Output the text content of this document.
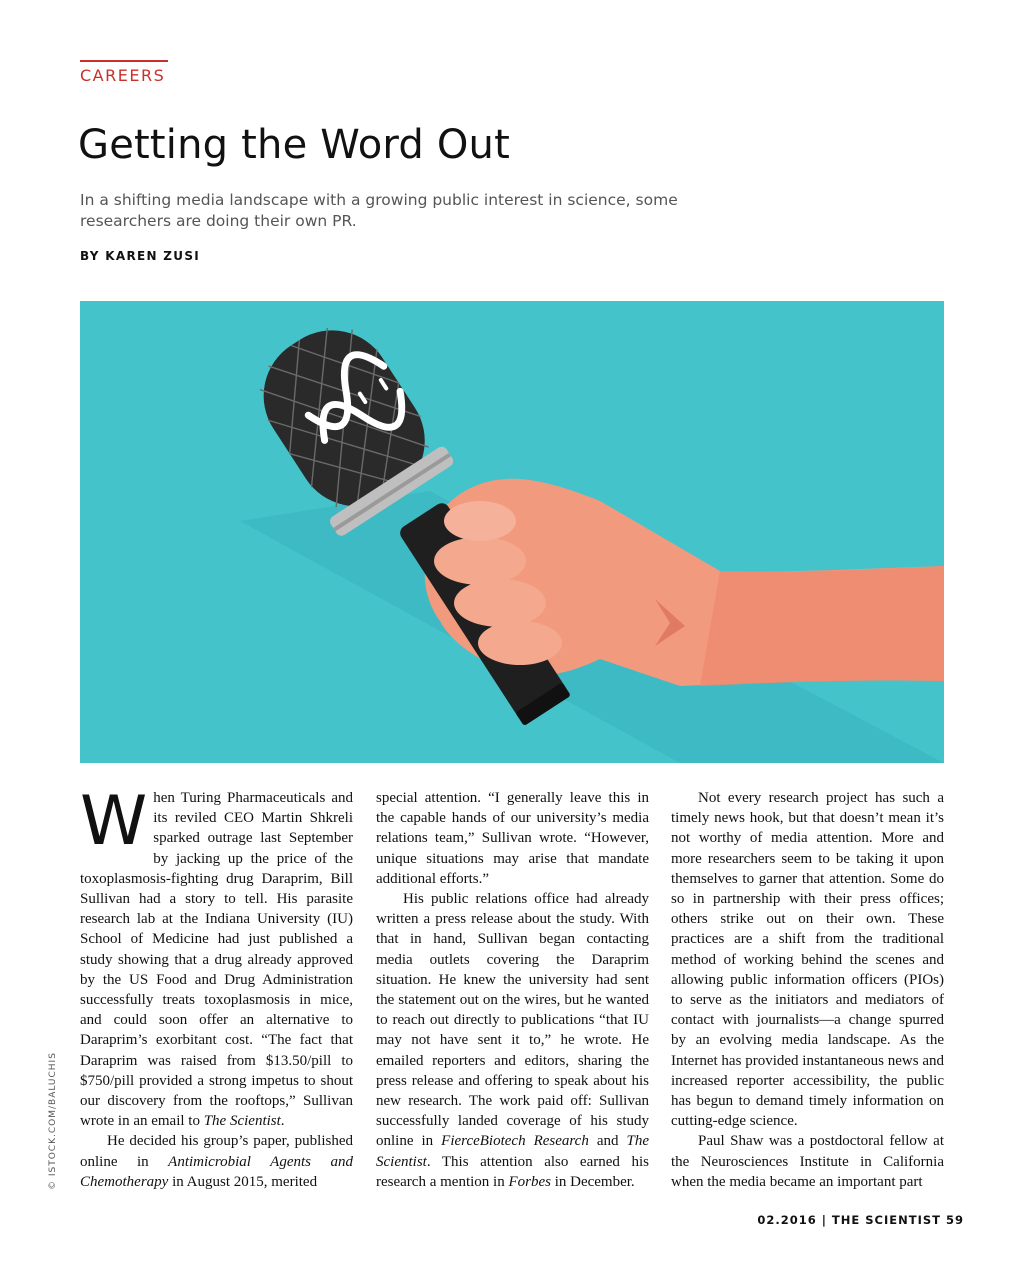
CAREERS
Getting the Word Out
In a shifting media landscape with a growing public interest in science, some researchers are doing their own PR.
BY KAREN ZUSI
© ISTOCK.COM/BALUCHIS

When Turing Pharmaceuticals and its reviled CEO Martin Shkreli sparked outrage last September by jacking up the price of the toxoplasmosis-fighting drug Daraprim, Bill Sullivan had a story to tell. His parasite research lab at the Indiana University (IU) School of Medicine had just published a study showing that a drug already approved by the US Food and Drug Administration successfully treats toxoplasmosis in mice, and could soon offer an alternative to Daraprim’s exorbitant cost. “The fact that Daraprim was raised from $13.50/pill to $750/pill provided a strong impetus to shout our discovery from the rooftops,” Sullivan wrote in an email to The Scientist.

He decided his group’s paper, published online in Antimicrobial Agents and Chemotherapy in August 2015, merited

special attention. “I generally leave this in the capable hands of our university’s media relations team,” Sullivan wrote. “However, unique situations may arise that mandate additional efforts.”

His public relations office had already written a press release about the study. With that in hand, Sullivan began contacting media outlets covering the Daraprim situation. He knew the university had sent the statement out on the wires, but he wanted to reach out directly to publications “that IU may not have sent it to,” he wrote. He emailed reporters and editors, sharing the press release and offering to speak about his new research. The work paid off: Sullivan successfully landed coverage of his study online in FierceBiotech Research and The Scientist. This attention also earned his research a mention in Forbes in December.

Not every research project has such a timely news hook, but that doesn’t mean it’s not worthy of media attention. More and more researchers seem to be taking it upon themselves to garner that attention. Some do so in partnership with their press offices; others strike out on their own. These practices are a shift from the traditional method of working behind the scenes and allowing public information officers (PIOs) to serve as the initiators and mediators of contact with journalists—a change spurred by an evolving media landscape. As the Internet has provided instantaneous news and increased reporter accessibility, the public has begun to demand timely information on cutting-edge science.

Paul Shaw was a postdoctoral fellow at the Neurosciences Institute in California when the media became an important part

02.2016 | THE SCIENTIST 59
